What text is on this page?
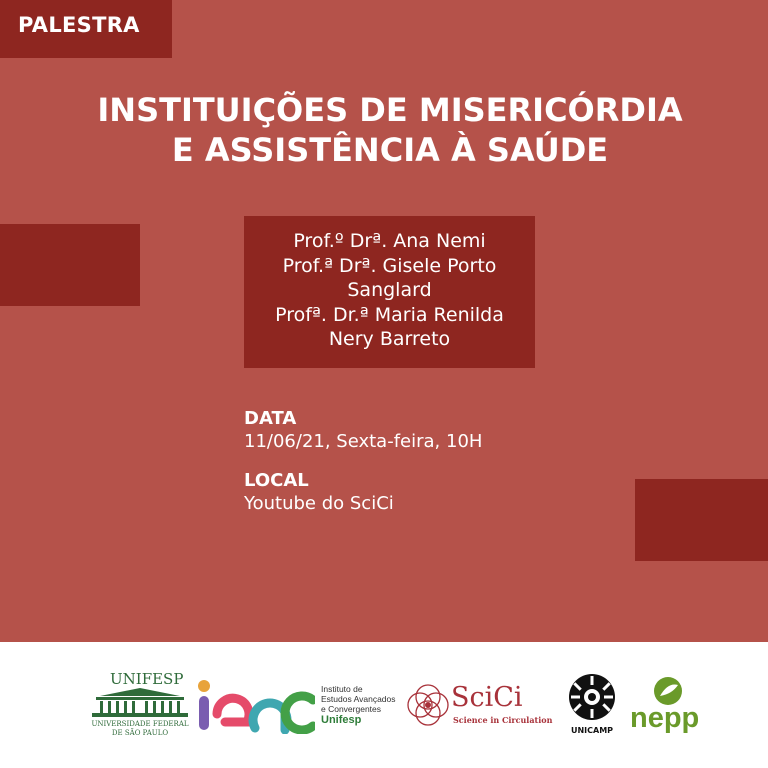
PALESTRA
INSTITUIÇÕES DE MISERICÓRDIA
E ASSISTÊNCIA À SAÚDE
Prof.º Drª. Ana Nemi
Prof.ª Drª. Gisele Porto
Sanglard
Profª. Dr.ª Maria Renilda
Nery Barreto
DATA
11/06/21, Sexta-feira, 10H
LOCAL
Youtube do SciCi
UNIFESP
UNIVERSIDADE FEDERAL
DE SÃO PAULO
Instituto de
Estudos Avançados
e Convergentes
Unifesp
SciCi
Science in Circulation
UNICAMP nepp
